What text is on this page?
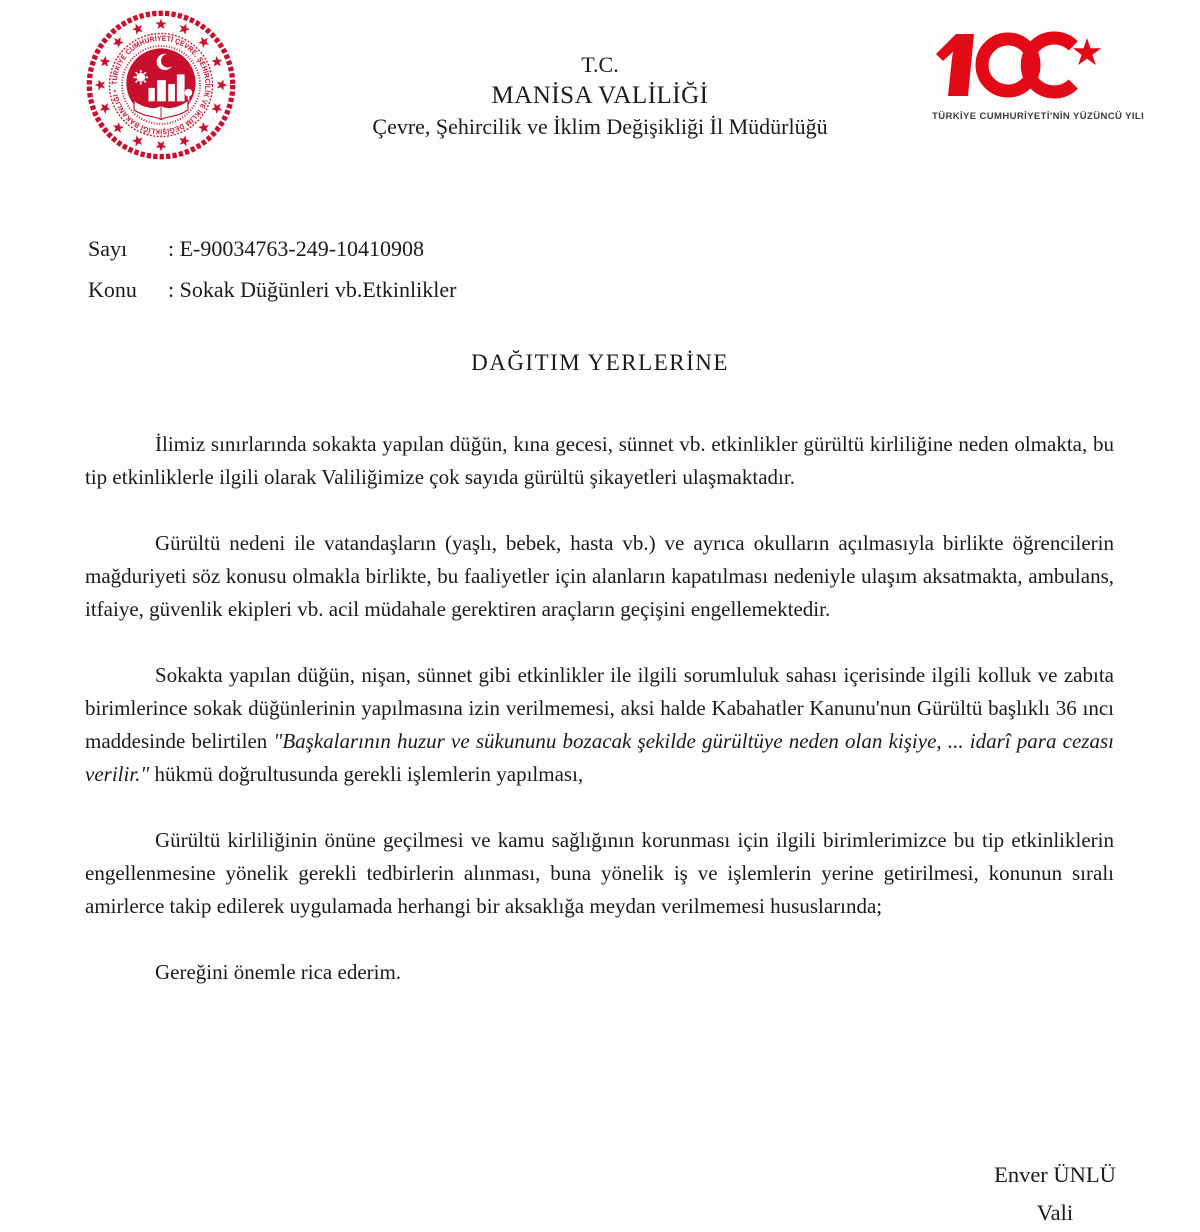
TÜRKİYE CUMHURİYETİ ÇEVRE, ŞEHİRCİLİK VE İKLİM DEĞİŞİKLİĞİ BAKANLIĞI •
T.C.
MANİSA VALİLİĞİ
Çevre, Şehircilik ve İklim Değişikliği İl Müdürlüğü	TÜRKİYE CUMHURİYETİ'NİN YÜZÜNCÜ YILI
Sayı : E-90034763-249-10410908
Konu : Sokak Düğünleri vb.Etkinlikler
DAĞITIM YERLERİNE

İlimiz sınırlarında sokakta yapılan düğün, kına gecesi, sünnet vb. etkinlikler gürültü kirliliğine neden olmakta, bu tip etkinliklerle ilgili olarak Valiliğimize çok sayıda gürültü şikayetleri ulaşmaktadır.

Gürültü nedeni ile vatandaşların (yaşlı, bebek, hasta vb.) ve ayrıca okulların açılmasıyla birlikte öğrencilerin mağduriyeti söz konusu olmakla birlikte, bu faaliyetler için alanların kapatılması nedeniyle ulaşım aksatmakta, ambulans, itfaiye, güvenlik ekipleri vb. acil müdahale gerektiren araçların geçişini engellemektedir.

Sokakta yapılan düğün, nişan, sünnet gibi etkinlikler ile ilgili sorumluluk sahası içerisinde ilgili kolluk ve zabıta birimlerince sokak düğünlerinin yapılmasına izin verilmemesi, aksi halde Kabahatler Kanunu'nun Gürültü başlıklı 36 ıncı maddesinde belirtilen "Başkalarının huzur ve sükununu bozacak şekilde gürültüye neden olan kişiye, ... idarî para cezası verilir." hükmü doğrultusunda gerekli işlemlerin yapılması,

Gürültü kirliliğinin önüne geçilmesi ve kamu sağlığının korunması için ilgili birimlerimizce bu tip etkinliklerin engellenmesine yönelik gerekli tedbirlerin alınması, buna yönelik iş ve işlemlerin yerine getirilmesi, konunun sıralı amirlerce takip edilerek uygulamada herhangi bir aksaklığa meydan verilmemesi hususlarında;

Gereğini önemle rica ederim.

Enver ÜNLÜ
Vali
